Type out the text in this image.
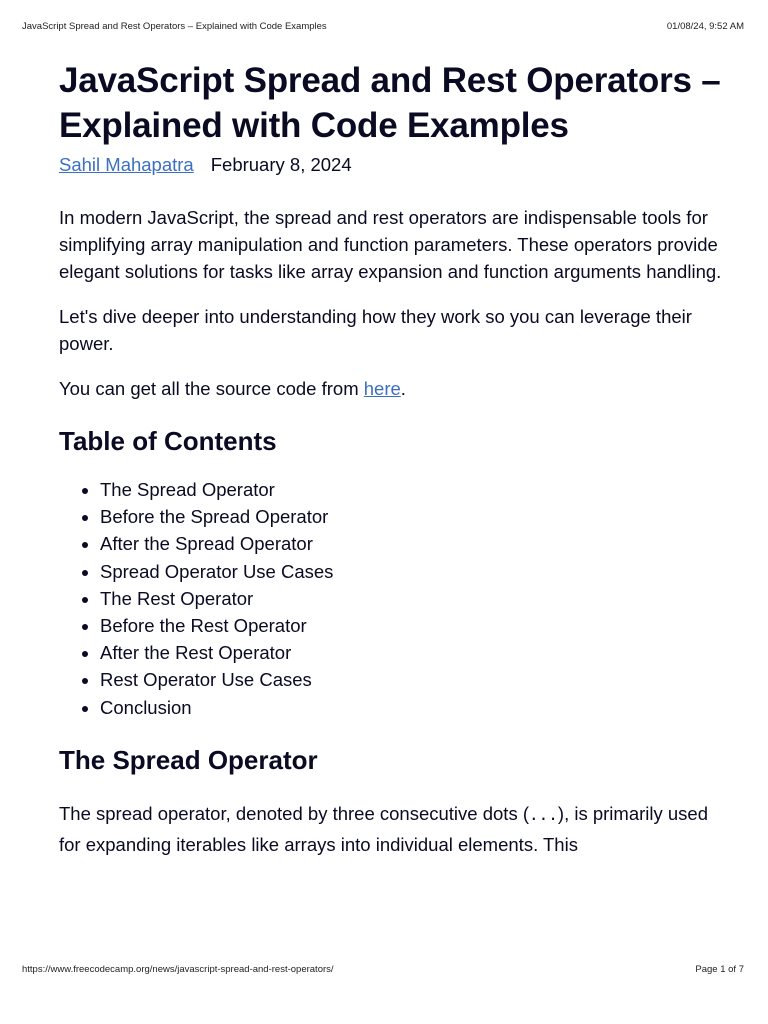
JavaScript Spread and Rest Operators – Explained with Code Examples	01/08/24, 9:52 AM
JavaScript Spread and Rest Operators – Explained with Code Examples
Sahil Mahapatra February 8, 2024

In modern JavaScript, the spread and rest operators are indispensable tools for simplifying array manipulation and function parameters. These operators provide elegant solutions for tasks like array expansion and function arguments handling.

Let's dive deeper into understanding how they work so you can leverage their power.

You can get all the source code from here.

Table of Contents
• The Spread Operator
• Before the Spread Operator
• After the Spread Operator
• Spread Operator Use Cases
• The Rest Operator
• Before the Rest Operator
• After the Rest Operator
• Rest Operator Use Cases
• Conclusion
The Spread Operator

The spread operator, denoted by three consecutive dots (...), is primarily used for expanding iterables like arrays into individual elements. This

https://www.freecodecamp.org/news/javascript-spread-and-rest-operators/	Page 1 of 7
